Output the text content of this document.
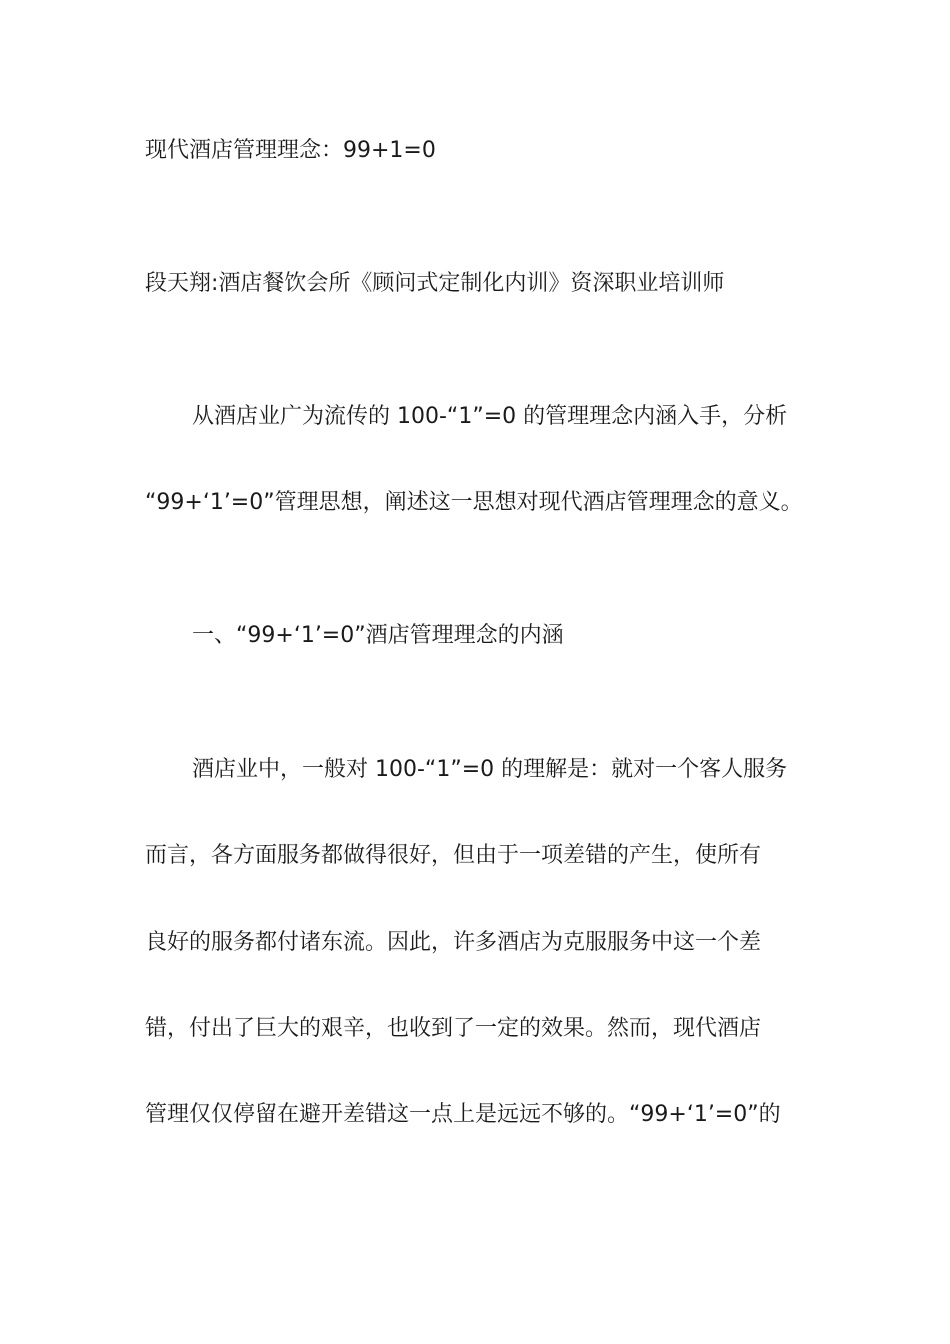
现代酒店管理理念：99+1=0
段天翔:酒店餐饮会所《顾问式定制化内训》资深职业培训师
从酒店业广为流传的 100-“1”=0 的管理理念内涵入手，分析
“99+‘1’=0”管理思想，阐述这一思想对现代酒店管理理念的意义。
一、“99+‘1’=0”酒店管理理念的内涵
酒店业中，一般对 100-“1”=0 的理解是：就对一个客人服务
而言，各方面服务都做得很好，但由于一项差错的产生，使所有
良好的服务都付诸东流。因此，许多酒店为克服服务中这一个差
错，付出了巨大的艰辛，也收到了一定的效果。然而，现代酒店
管理仅仅停留在避开差错这一点上是远远不够的。“99+‘1’=0”的
